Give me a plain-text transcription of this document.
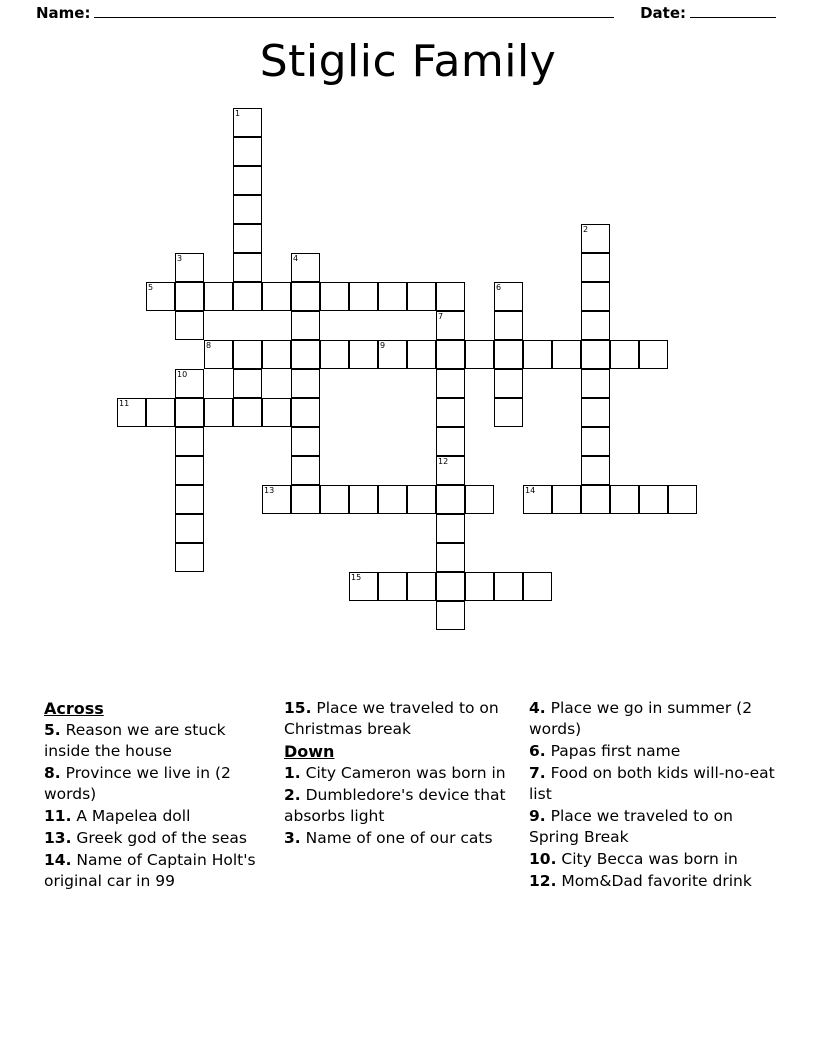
Name:	Date:
Stiglic Family
1
2
3	4
5	6
7
8	9
10
11
12
13	14
15
Across
5. Reason we are stuck inside the house
8. Province we live in (2 words)
11. A Mapelea doll
13. Greek god of the seas
14. Name of Captain Holt's original car in 99
15. Place we traveled to on Christmas break
Down
1. City Cameron was born in
2. Dumbledore's device that absorbs light
3. Name of one of our cats
4. Place we go in summer (2 words)
6. Papas first name
7. Food on both kids will-no-eat list
9. Place we traveled to on Spring Break
10. City Becca was born in
12. Mom&Dad favorite drink
